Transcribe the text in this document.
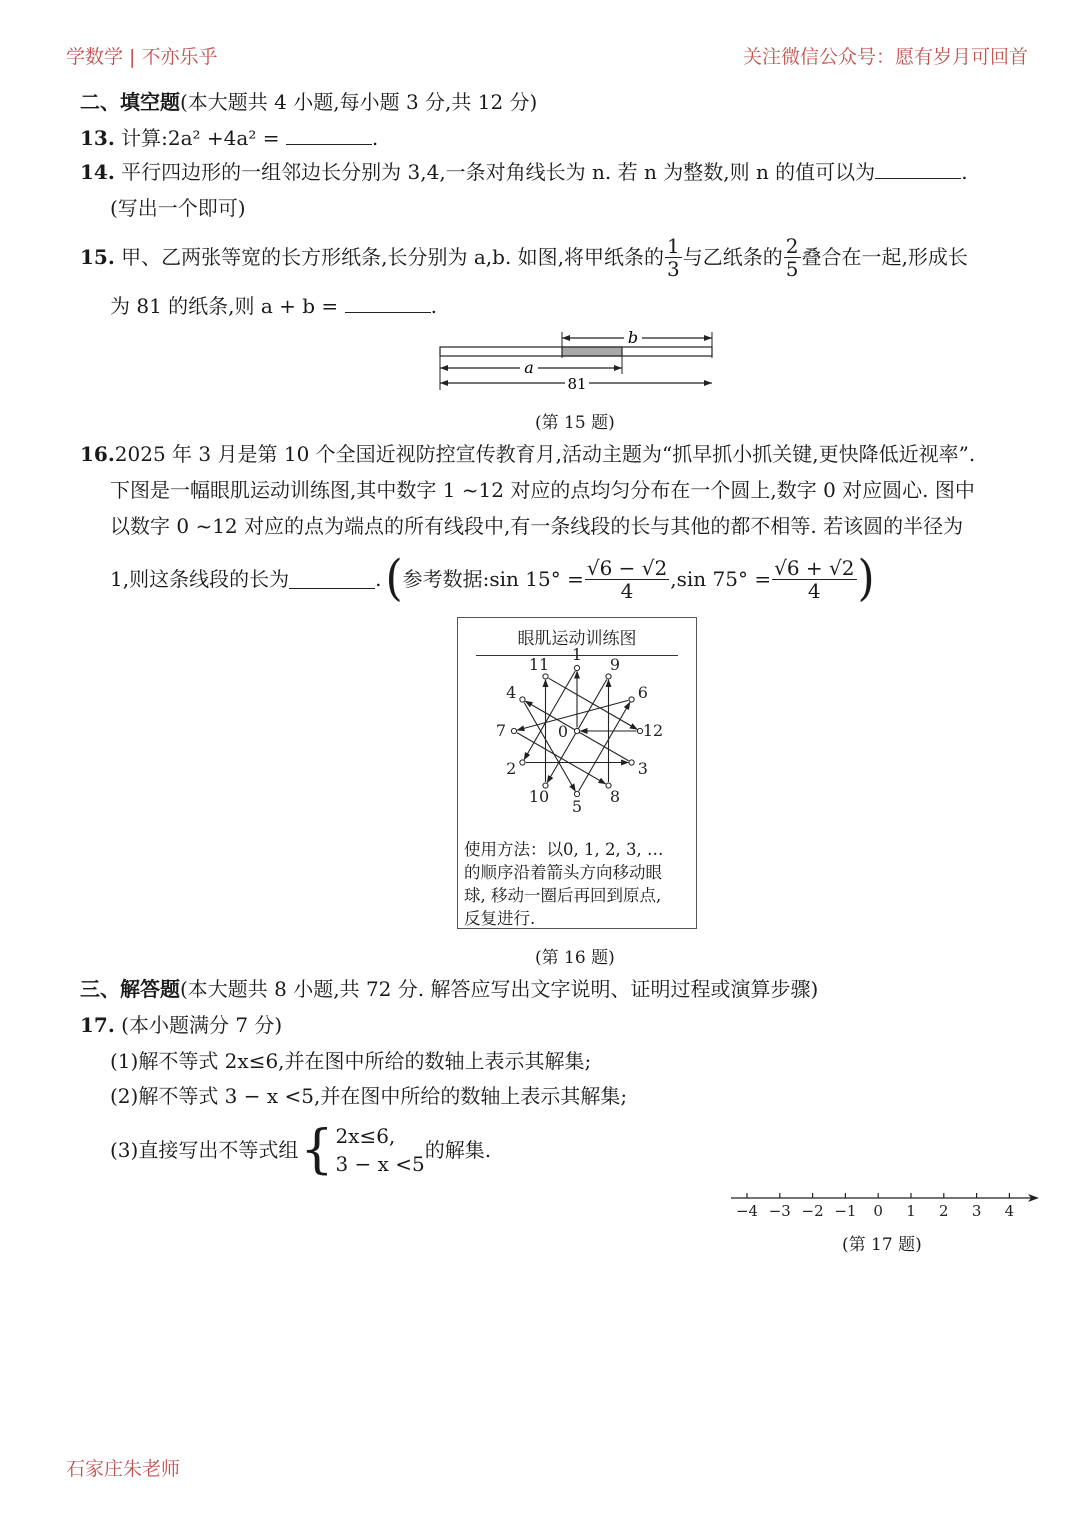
学数学 | 不亦乐乎	关注微信公众号：愿有岁月可回首
二、填空题(本大题共 4 小题,每小题 3 分,共 12 分)
13. 计算:2a² +4a² =	.
14. 平行四边形的一组邻边长分别为 3,4,一条对角线长为 n. 若 n 为整数,则 n 的值可以为	.
(写出一个即可)
15.
甲、乙两张等宽的长方形纸条,长分别为 a,b. 如图,将甲纸条的 $\frac{1}{3}$ 与乙纸条的 $\frac{2}{5}$ 叠合在一起,形成长
为 81 的纸条,则 a + b =	.
b
a
81
(第 15 题)
16.2025 年 3 月是第 10 个全国近视防控宣传教育月,活动主题为“抓早抓小抓关键,更快降低近视率”.
下图是一幅眼肌运动训练图,其中数字 1 ~12 对应的点均匀分布在一个圆上,数字 0 对应圆心. 图中
以数字 0 ~12 对应的点为端点的所有线段中,有一条线段的长与其他的都不相等. 若该圆的半径为
1,则这条线段的长为	. ( 参考数据:sin $15^\circ = \frac{√6 - √2}{4} ,\sin$ $75^\circ = \frac{√6 + √2}{4}$ )
眼肌运动训练图
0
1
2	3
4
5
6
7
8
9
10
11
12
使用方法：以0, 1, 2, 3, …
的顺序沿着箭头方向移动眼
球, 移动一圈后再回到原点,
反复进行.
(第 16 题)
三、解答题(本大题共 8 小题,共 72 分. 解答应写出文字说明、证明过程或演算步骤)
17. (本小题满分 7 分)
(1)解不等式 2x≤6,并在图中所给的数轴上表示其解集;
(2)解不等式 3 − x <5,并在图中所给的数轴上表示其解集;
(3)直接写出不等式组 { 2x≤6,
3 − x <5
的解集.
−4 −3 −2 −1 0 1 2 3 4
(第 17 题)
石家庄朱老师
